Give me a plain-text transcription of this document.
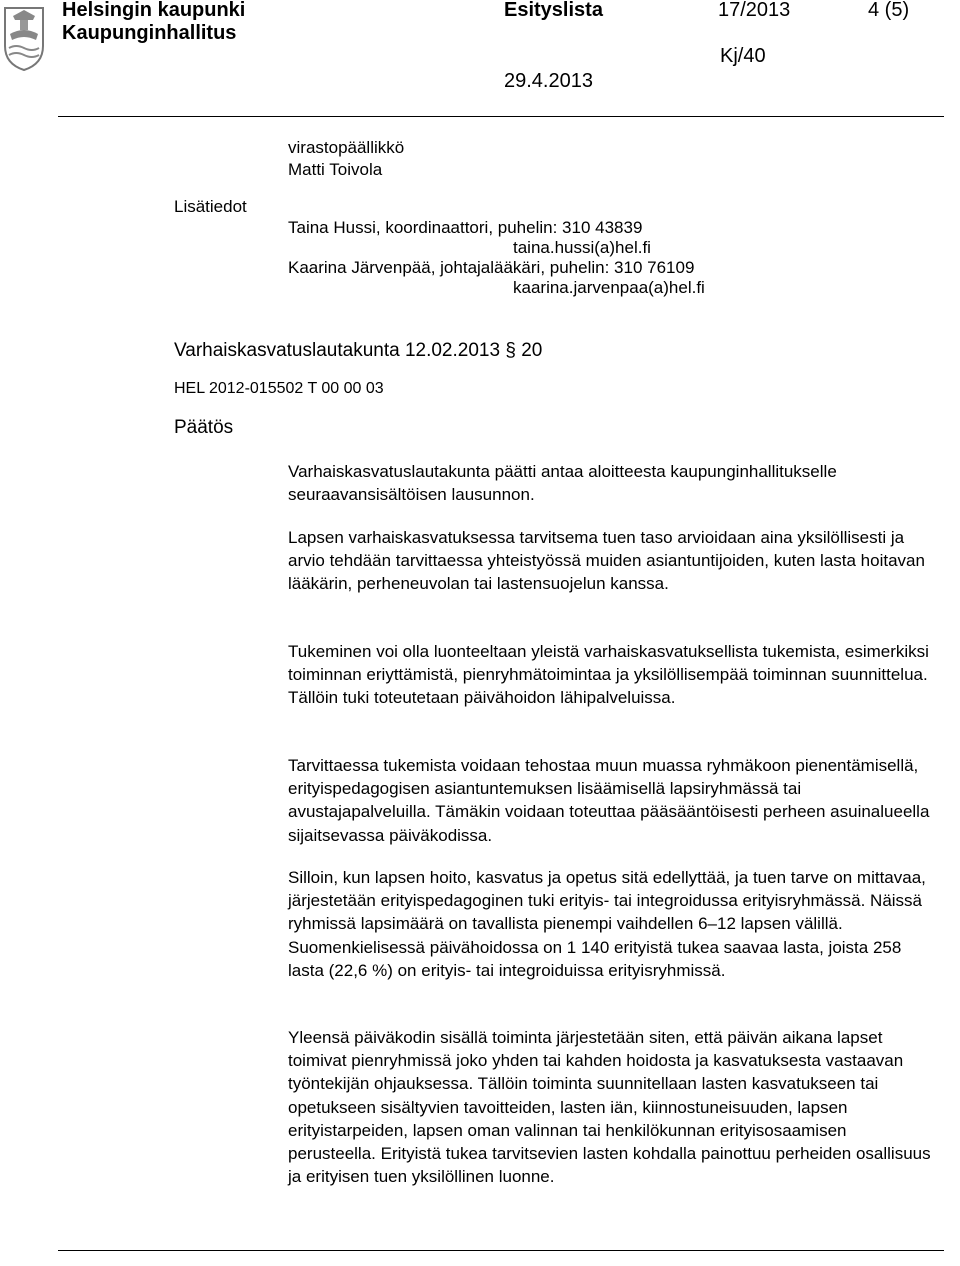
Helsingin kaupunki
Kaupunginhallitus
Esityslista	17/2013	4 (5)
Kj/40
29.4.2013
virastopäällikkö
Matti Toivola
Lisätiedot
Taina Hussi, koordinaattori, puhelin: 310 43839
taina.hussi(a)hel.fi
Kaarina Järvenpää, johtajalääkäri, puhelin: 310 76109
kaarina.jarvenpaa(a)hel.fi
Varhaiskasvatuslautakunta 12.02.2013 § 20
HEL 2012-015502 T 00 00 03
Päätös
Varhaiskasvatuslautakunta päätti antaa aloitteesta kaupunginhallitukselle seuraavansisältöisen lausunnon.
Lapsen varhaiskasvatuksessa tarvitsema tuen taso arvioidaan aina yksilöllisesti ja arvio tehdään tarvittaessa yhteistyössä muiden asiantuntijoiden, kuten lasta hoitavan lääkärin, perheneuvolan tai lastensuojelun kanssa.
Tukeminen voi olla luonteeltaan yleistä varhaiskasvatuksellista tukemista, esimerkiksi toiminnan eriyttämistä, pienryhmätoimintaa ja yksilöllisempää toiminnan suunnittelua. Tällöin tuki toteutetaan päivähoidon lähipalveluissa.
Tarvittaessa tukemista voidaan tehostaa muun muassa ryhmäkoon pienentämisellä, erityispedagogisen asiantuntemuksen lisäämisellä lapsiryhmässä tai avustajapalveluilla. Tämäkin voidaan toteuttaa pääsääntöisesti perheen asuinalueella sijaitsevassa päiväkodissa.
Silloin, kun lapsen hoito, kasvatus ja opetus sitä edellyttää, ja tuen tarve on mittavaa, järjestetään erityispedagoginen tuki erityis- tai integroidussa erityisryhmässä. Näissä ryhmissä lapsimäärä on tavallista pienempi vaihdellen 6–12 lapsen välillä. Suomenkielisessä päivähoidossa on 1 140 erityistä tukea saavaa lasta, joista 258 lasta (22,6 %) on erityis- tai integroiduissa erityisryhmissä.
Yleensä päiväkodin sisällä toiminta järjestetään siten, että päivän aikana lapset toimivat pienryhmissä joko yhden tai kahden hoidosta ja kasvatuksesta vastaavan työntekijän ohjauksessa. Tällöin toiminta suunnitellaan lasten kasvatukseen tai opetukseen sisältyvien tavoitteiden, lasten iän, kiinnostuneisuuden, lapsen erityistarpeiden, lapsen oman valinnan tai henkilökunnan erityisosaamisen perusteella. Erityistä tukea tarvitsevien lasten kohdalla painottuu perheiden osallisuus ja erityisen tuen yksilöllinen luonne.
